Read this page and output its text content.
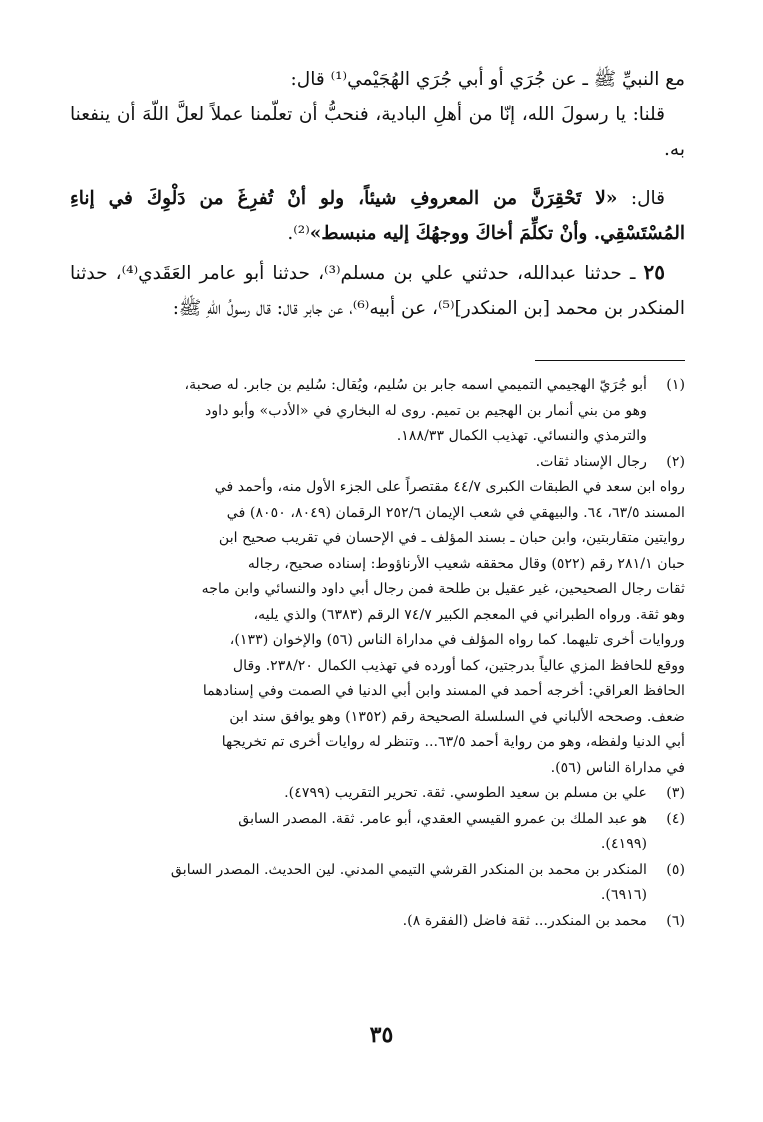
مع النبيِّ ﷺ ـ عن جُرَي أو أبي جُرَي الهُجَيْمي⁽¹⁾ قال:

قلنا: يا رسولَ الله، إنّا من أهلِ البادية، فنحبُّ أن تعلّمنا عملاً لعلَّ اللّهَ أن ينفعنا به.

قال: «لا تَحْقِرَنَّ من المعروفِ شيئاً، ولو أنْ تُفرِغَ من دَلْوِكَ في إناءِ المُسْتَسْقِي. وأنْ تكلِّمَ أخاكَ ووجهُكَ إليه منبسط»⁽²⁾.

٢٥ ـ حدثنا عبدالله، حدثني علي بن مسلم⁽³⁾، حدثنا أبو عامر العَقَدي⁽⁴⁾، حدثنا المنكدر بن محمد [بن المنكدر]⁽⁵⁾، عن أبيه⁽⁶⁾، عن جابر قال: قال رسولُ اللّهِ ﷺ:

(١)
أبو جُرَيّ الهجيمي التميمي اسمه جابر بن سُليم، ويُقال: سُليم بن جابر. له صحبة،
وهو من بني أنمار بن الهجيم بن تميم. روى له البخاري في «الأدب» وأبو داود
والترمذي والنسائي. تهذيب الكمال ١٨٨/٣٣.
(٢)
رجال الإسناد ثقات.
رواه ابن سعد في الطبقات الكبرى ٤٤/٧ مقتصراً على الجزء الأول منه، وأحمد في
المسند ٦٣/٥، ٦٤. والبيهقي في شعب الإيمان ٢٥٢/٦ الرقمان (٨٠٤٩، ٨٠٥٠) في
روايتين متقاربتين، وابن حبان ـ بسند المؤلف ـ في الإحسان في تقريب صحيح ابن
حبان ٢٨١/١ رقم (٥٢٢) وقال محققه شعيب الأرناؤوط: إسناده صحيح، رجاله
ثقات رجال الصحيحين، غير عقيل بن طلحة فمن رجال أبي داود والنسائي وابن ماجه
وهو ثقة. ورواه الطبراني في المعجم الكبير ٧٤/٧ الرقم (٦٣٨٣) والذي يليه،
وروايات أخرى تليهما. كما رواه المؤلف في مداراة الناس (٥٦) والإخوان (١٣٣)،
ووقع للحافظ المزي عالياً بدرجتين، كما أورده في تهذيب الكمال ٢٣٨/٢٠. وقال
الحافظ العراقي: أخرجه أحمد في المسند وابن أبي الدنيا في الصمت وفي إسنادهما
ضعف. وصححه الألباني في السلسلة الصحيحة رقم (١٣٥٢) وهو يوافق سند ابن
أبي الدنيا ولفظه، وهو من رواية أحمد ٦٣/٥... وتنظر له روايات أخرى تم تخريجها
في مداراة الناس (٥٦).
(٣)
علي بن مسلم بن سعيد الطوسي. ثقة. تحرير التقريب (٤٧٩٩).
(٤)
هو عبد الملك بن عمرو القيسي العقدي، أبو عامر. ثقة. المصدر السابق
(٤١٩٩).
(٥)
المنكدر بن محمد بن المنكدر القرشي التيمي المدني. لين الحديث. المصدر السابق
(٦٩١٦).
(٦)
محمد بن المنكدر... ثقة فاضل (الفقرة ٨).
٣٥
